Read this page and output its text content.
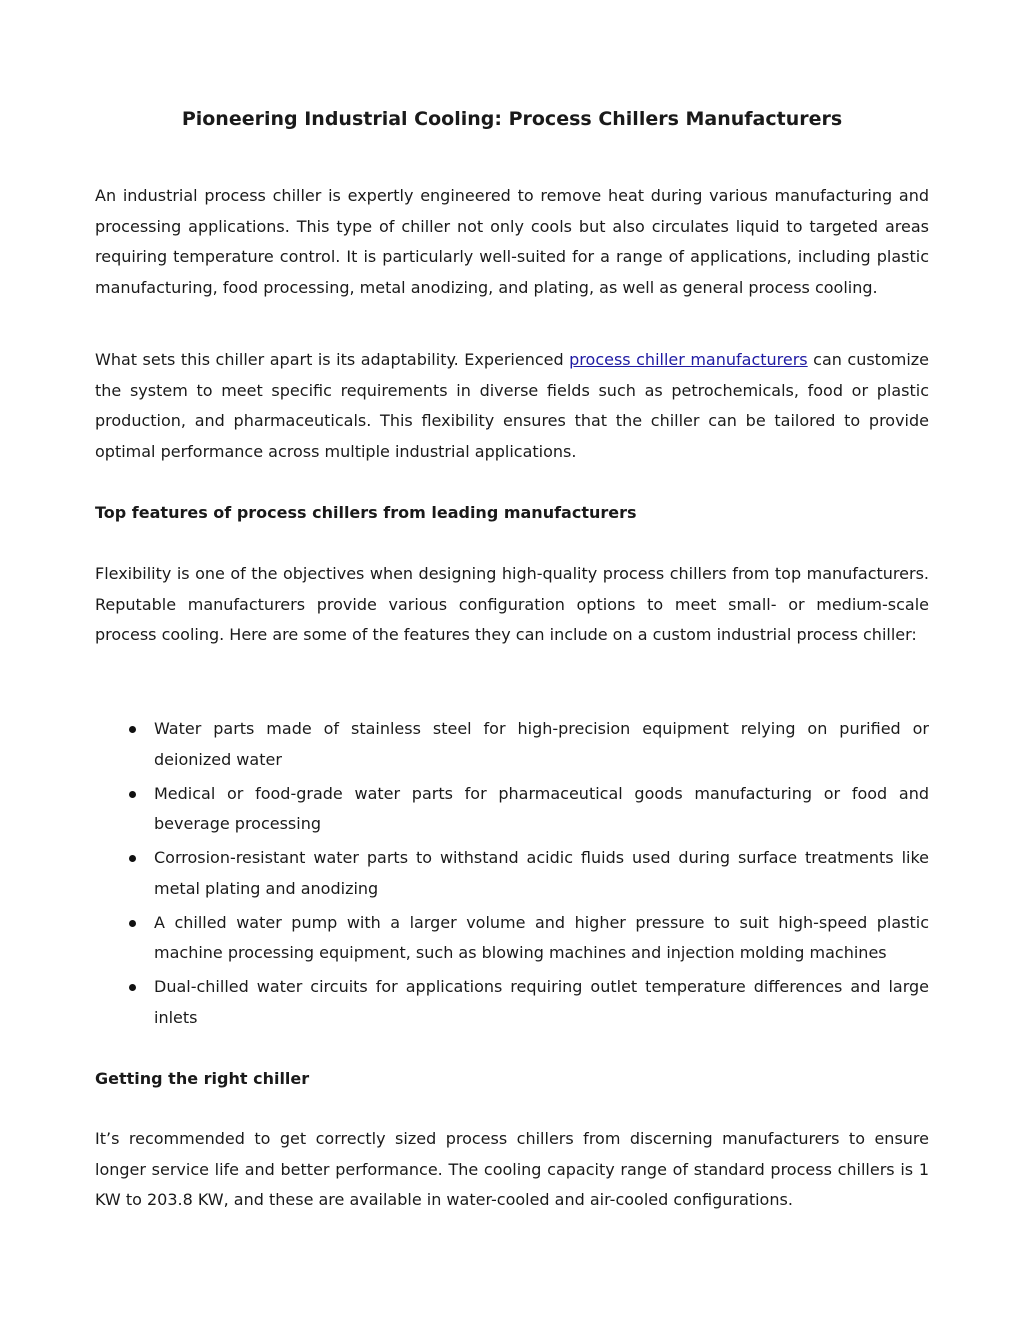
Pioneering Industrial Cooling: Process Chillers Manufacturers

An industrial process chiller is expertly engineered to remove heat during various manufacturing and processing applications. This type of chiller not only cools but also circulates liquid to targeted areas requiring temperature control. It is particularly well-suited for a range of applications, including plastic manufacturing, food processing, metal anodizing, and plating, as well as general process cooling.

What sets this chiller apart is its adaptability. Experienced process chiller manufacturers can customize the system to meet specific requirements in diverse fields such as petrochemicals, food or plastic production, and pharmaceuticals. This flexibility ensures that the chiller can be tailored to provide optimal performance across multiple industrial applications.

Top features of process chillers from leading manufacturers

Flexibility is one of the objectives when designing high-quality process chillers from top manufacturers. Reputable manufacturers provide various configuration options to meet small- or medium-scale process cooling. Here are some of the features they can include on a custom industrial process chiller:

Water parts made of stainless steel for high-precision equipment relying on purified or deionized water
Medical or food-grade water parts for pharmaceutical goods manufacturing or food and beverage processing
Corrosion-resistant water parts to withstand acidic fluids used during surface treatments like metal plating and anodizing
A chilled water pump with a larger volume and higher pressure to suit high-speed plastic machine processing equipment, such as blowing machines and injection molding machines
Dual-chilled water circuits for applications requiring outlet temperature differences and large inlets
Getting the right chiller

It’s recommended to get correctly sized process chillers from discerning manufacturers to ensure longer service life and better performance. The cooling capacity range of standard process chillers is 1 KW to 203.8 KW, and these are available in water-cooled and air-cooled configurations.
